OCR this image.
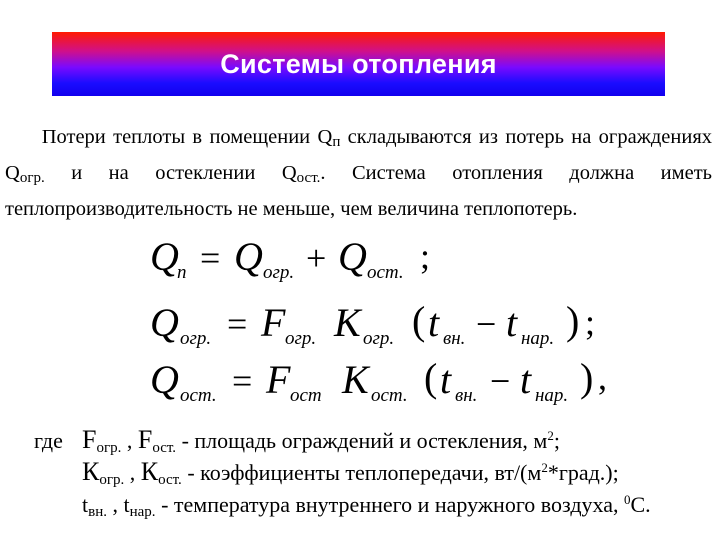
Системы отопления
Потери теплоты в помещении $Q_п$ складываются из потерь на ограждениях $Q_{огр.}$ и на остеклении $Q_{ост.}$. Система отопления должна иметь теплопроизводительность не меньше, чем величина теплопотерь.
Q
п = Q огр. + Q ост. ;
Q огр. = F огр. К огр. ( t вн. − t нар. ) ;
Q ост. = F ост К ост. ( t вн. − t нар. ) ,
где $F_{огр.}$ , $F_{ост.}$ - площадь ограждений и остекления, $м^2$;
$К_{огр.}$ , $К_{ост.}$ - коэффициенты теплопередачи, $вт/(м^2*град.)$;
$t_{вн.}$ , $t_{нар.}$ - температура внутреннего и наружного воздуха, $^0$С.
